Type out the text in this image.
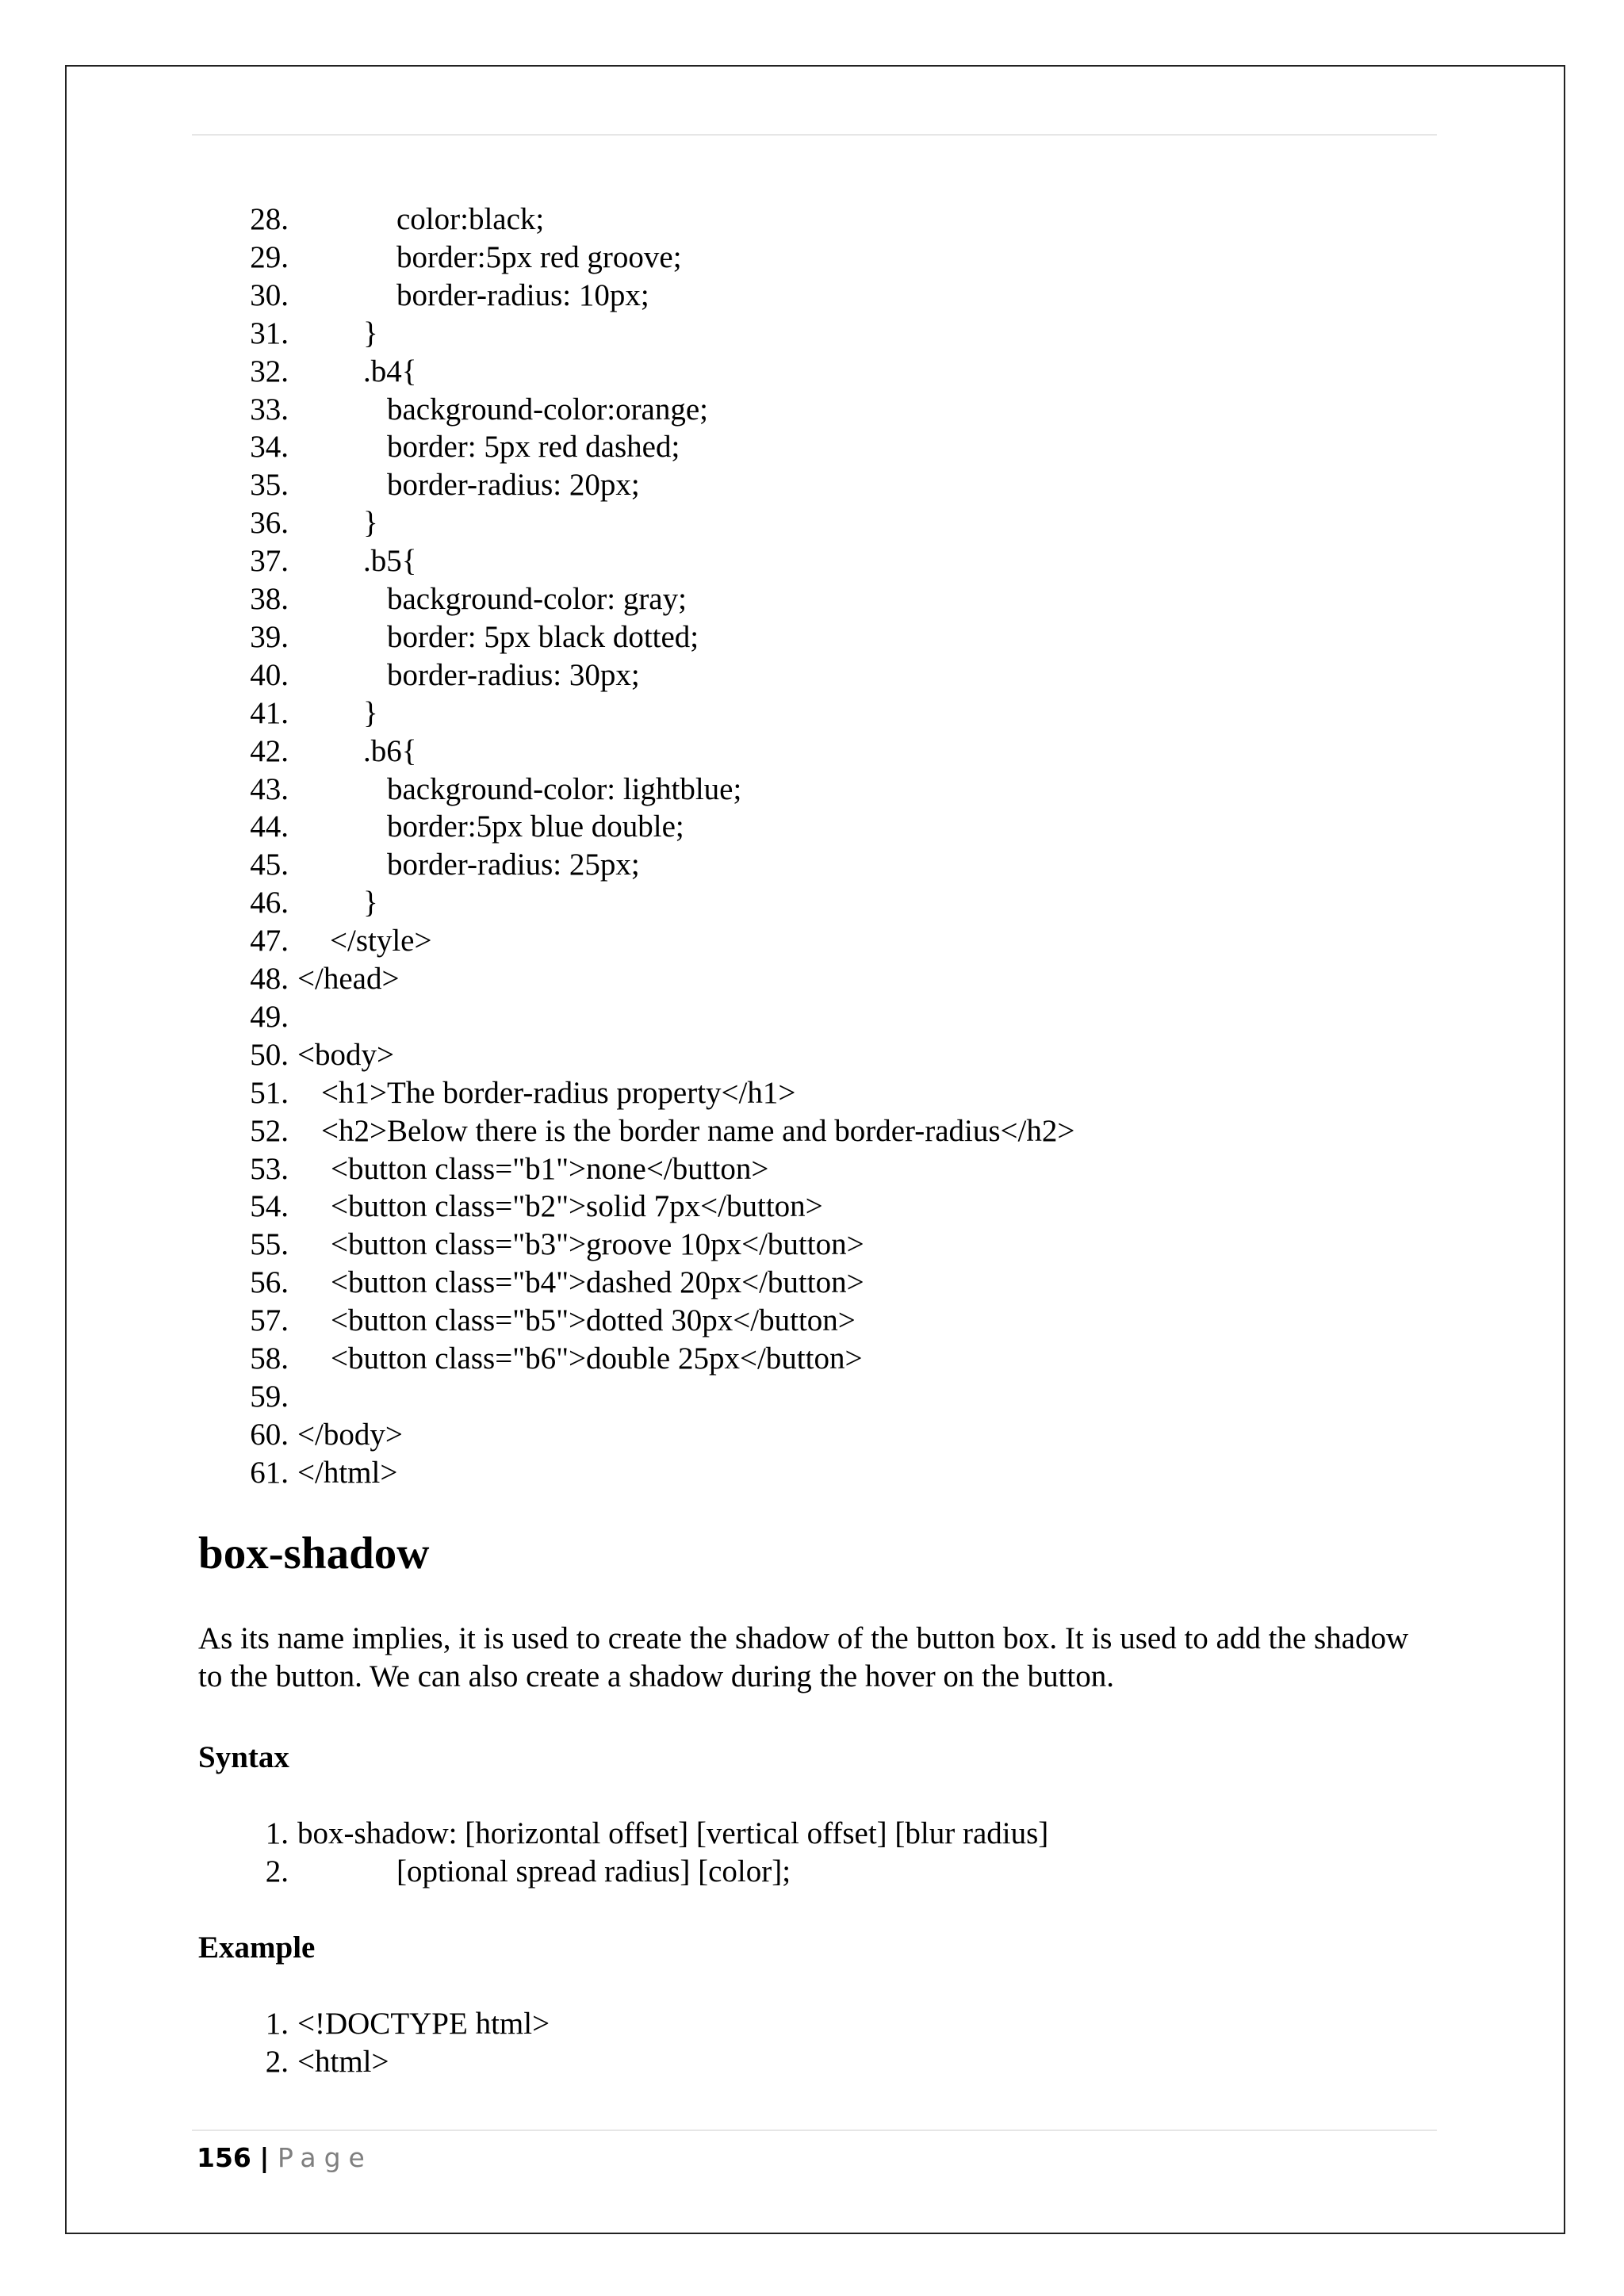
28.	color:black;
29.	border:5px red groove;
30.	border-radius: 10px;
31. }
32. .b4{
33.	background-color:orange;
34.	border: 5px red dashed;
35.	border-radius: 20px;
36. }
37. .b5{
38.	background-color: gray;
39.	border: 5px black dotted;
40.	border-radius: 30px;
41. }
42. .b6{
43.	background-color: lightblue;
44.	border:5px blue double;
45.	border-radius: 25px;
46. }
47. </style>
48. </head>
49.
50. <body>
51. <h1>The border-radius property</h1>
52. <h2>Below there is the border name and border-radius</h2>
53. <button class="b1">none</button>
54. <button class="b2">solid 7px</button>
55. <button class="b3">groove 10px</button>
56. <button class="b4">dashed 20px</button>
57. <button class="b5">dotted 30px</button>
58. <button class="b6">double 25px</button>
59.
60. </body>
61. </html>
box-shadow

As its name implies, it is used to create the shadow of the button box. It is used to add the shadow to the button. We can also create a shadow during the hover on the button.

Syntax
1. box-shadow: [horizontal offset] [vertical offset] [blur radius]
2.	[optional spread radius] [color];
Example
1. <!DOCTYPE html>
2. <html>
156 | Page
